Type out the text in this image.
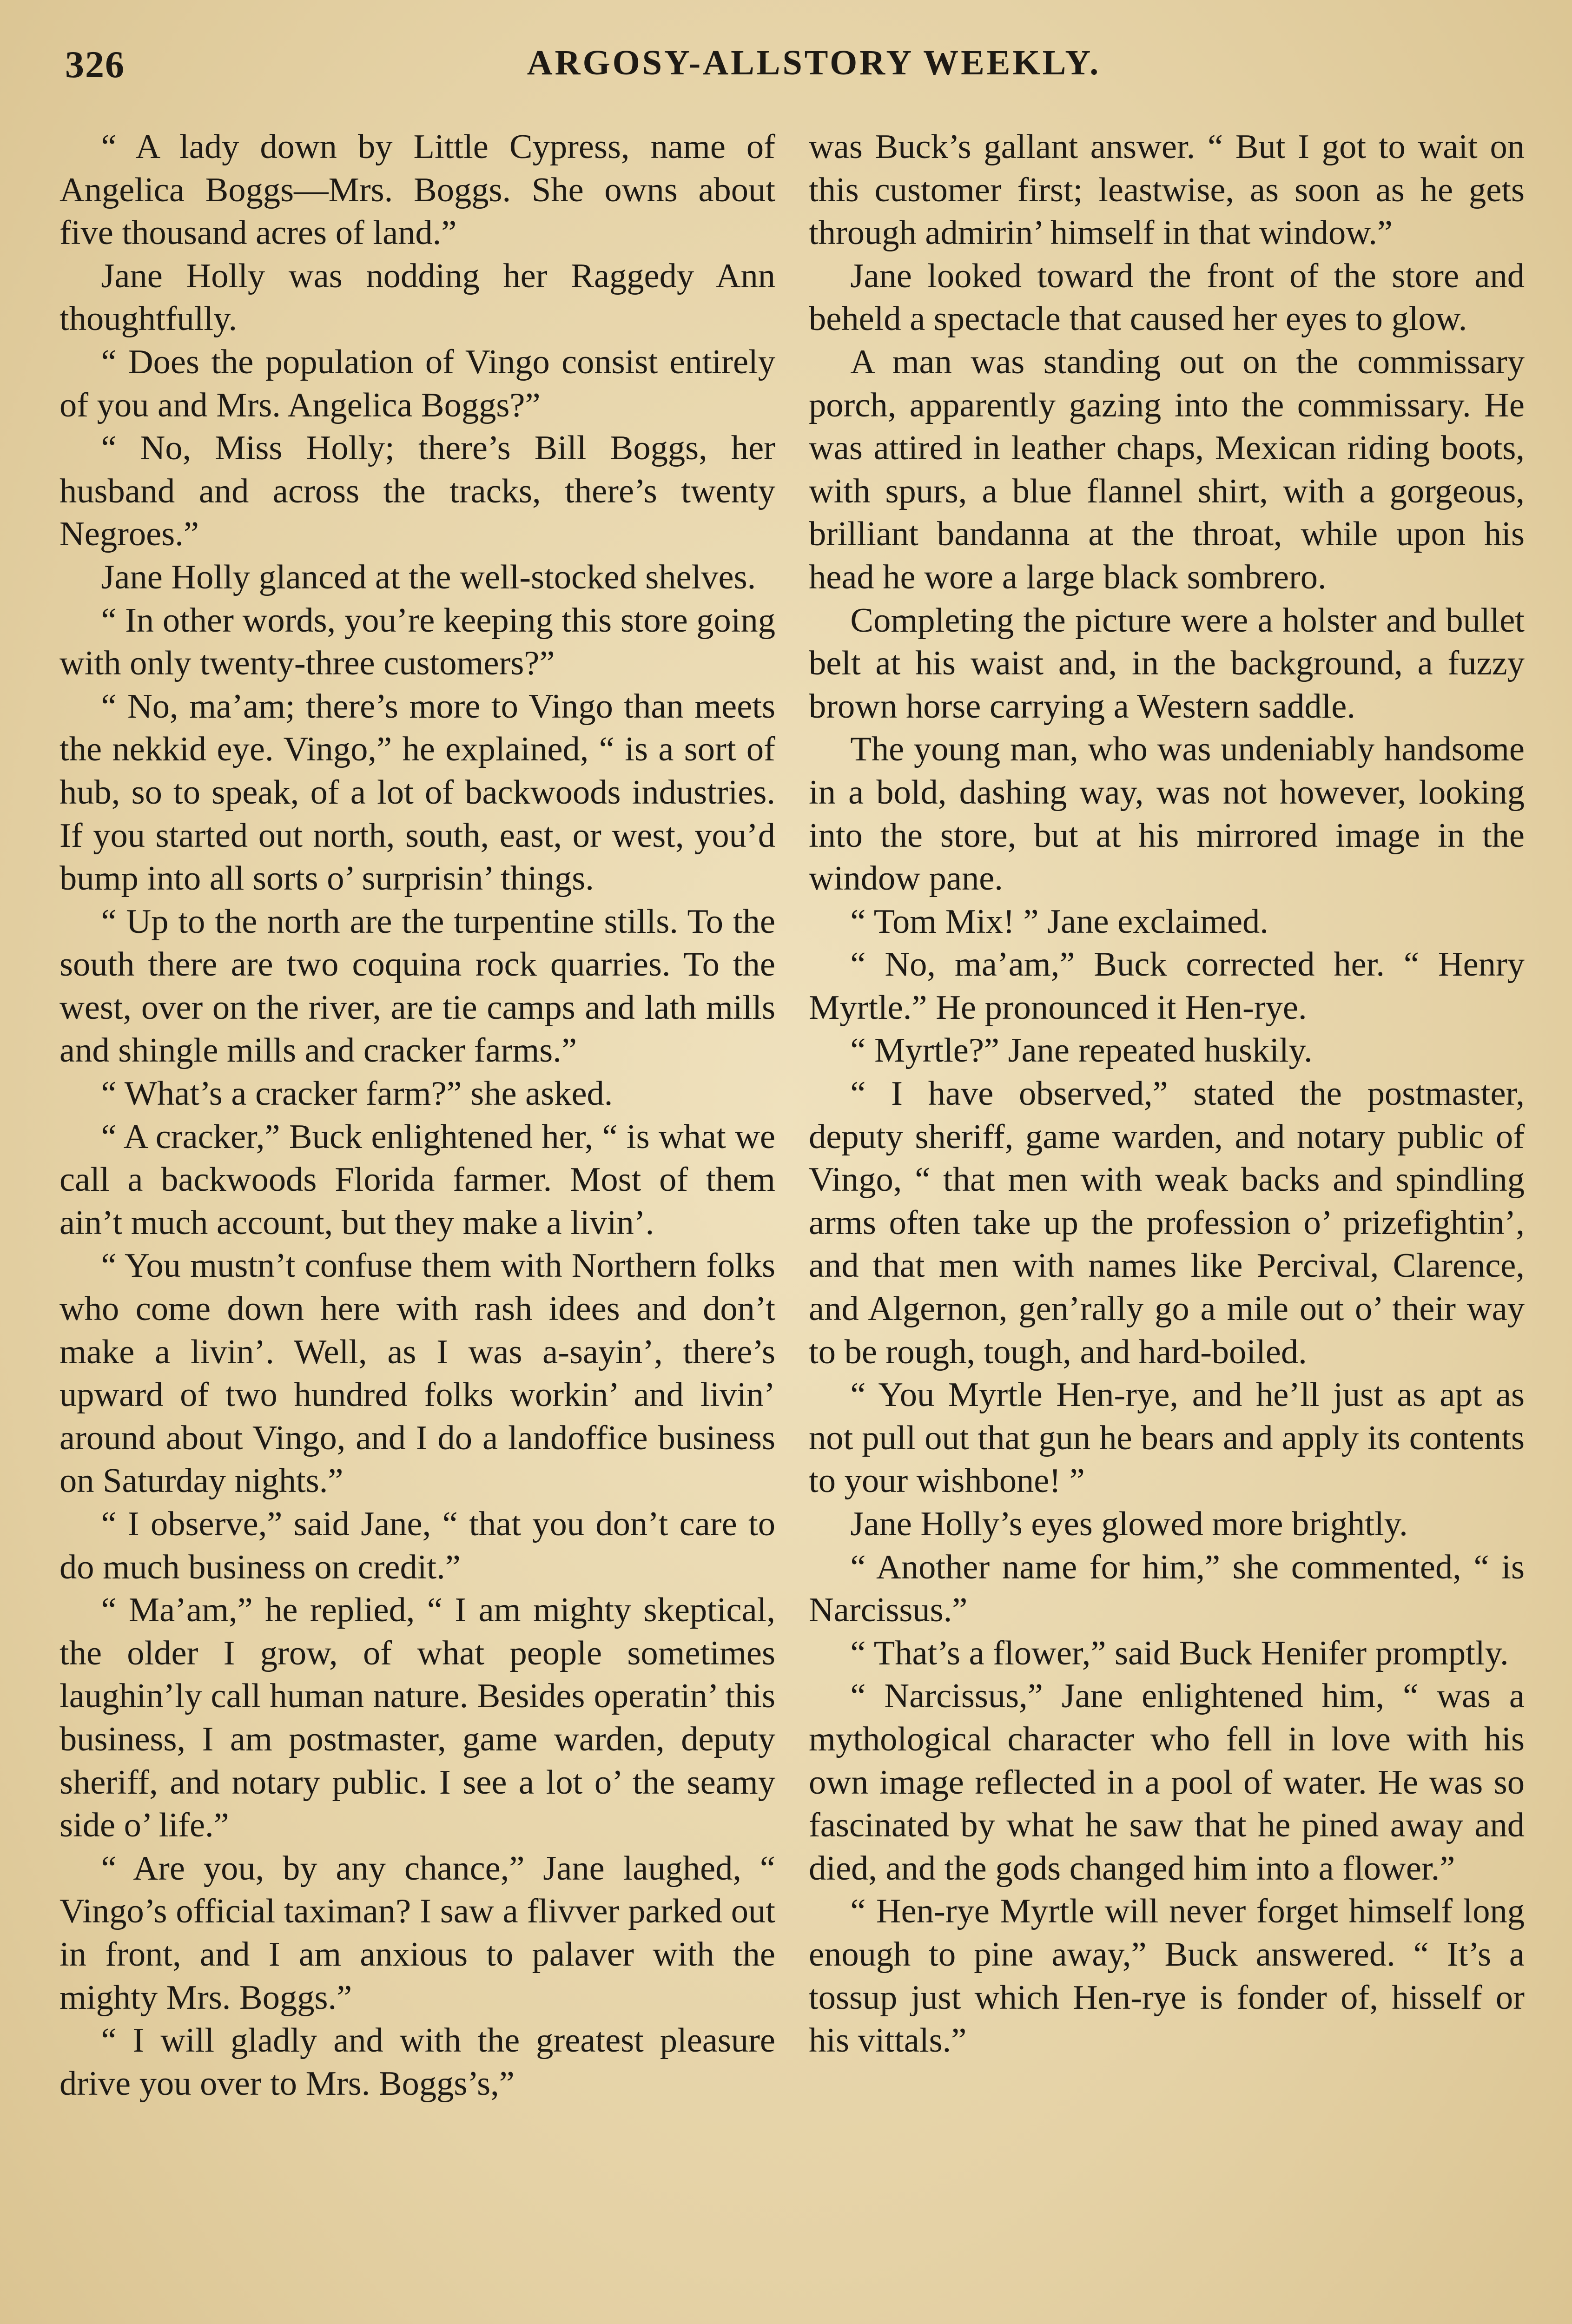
326	ARGOSY-ALLSTORY WEEKLY.

“ A lady down by Little Cypress, name of Angelica Boggs—Mrs. Boggs. She owns about five thousand acres of land.”

Jane Holly was nodding her Raggedy Ann thoughtfully.

“ Does the population of Vingo consist entirely of you and Mrs. Angelica Boggs?”

“ No, Miss Holly; there’s Bill Boggs, her husband and across the tracks, there’s twenty Negroes.”

Jane Holly glanced at the well-stocked shelves.

“ In other words, you’re keeping this store going with only twenty-three customers?”

“ No, ma’am; there’s more to Vingo than meets the nekkid eye. Vingo,” he explained, “ is a sort of hub, so to speak, of a lot of backwoods industries. If you started out north, south, east, or west, you’d bump into all sorts o’ surprisin’ things.

“ Up to the north are the turpentine stills. To the south there are two coquina rock quarries. To the west, over on the river, are tie camps and lath mills and shingle mills and cracker farms.”

“ What’s a cracker farm?” she asked.

“ A cracker,” Buck enlightened her, “ is what we call a backwoods Florida farmer. Most of them ain’t much account, but they make a livin’.

“ You mustn’t confuse them with Northern folks who come down here with rash idees and don’t make a livin’. Well, as I was a-sayin’, there’s upward of two hundred folks workin’ and livin’ around about Vingo, and I do a landoffice business on Saturday nights.”

“ I observe,” said Jane, “ that you don’t care to do much business on credit.”

“ Ma’am,” he replied, “ I am mighty skeptical, the older I grow, of what people sometimes laughin’ly call human nature. Besides operatin’ this business, I am postmaster, game warden, deputy sheriff, and notary public. I see a lot o’ the seamy side o’ life.”

“ Are you, by any chance,” Jane laughed, “ Vingo’s official taximan? I saw a flivver parked out in front, and I am anxious to palaver with the mighty Mrs. Boggs.”

“ I will gladly and with the greatest pleasure drive you over to Mrs. Boggs’s,”

was Buck’s gallant answer. “ But I got to wait on this customer first; leastwise, as soon as he gets through admirin’ himself in that window.”

Jane looked toward the front of the store and beheld a spectacle that caused her eyes to glow.

A man was standing out on the commissary porch, apparently gazing into the commissary. He was attired in leather chaps, Mexican riding boots, with spurs, a blue flannel shirt, with a gorgeous, brilliant bandanna at the throat, while upon his head he wore a large black sombrero.

Completing the picture were a holster and bullet belt at his waist and, in the background, a fuzzy brown horse carrying a Western saddle.

The young man, who was undeniably handsome in a bold, dashing way, was not however, looking into the store, but at his mirrored image in the window pane.

“ Tom Mix! ” Jane exclaimed.

“ No, ma’am,” Buck corrected her. “ Henry Myrtle.” He pronounced it Hen-rye.

“ Myrtle?” Jane repeated huskily.

“ I have observed,” stated the postmaster, deputy sheriff, game warden, and notary public of Vingo, “ that men with weak backs and spindling arms often take up the profession o’ prizefightin’, and that men with names like Percival, Clarence, and Algernon, gen’rally go a mile out o’ their way to be rough, tough, and hard-boiled.

“ You Myrtle Hen-rye, and he’ll just as apt as not pull out that gun he bears and apply its contents to your wishbone! ”

Jane Holly’s eyes glowed more brightly.

“ Another name for him,” she commented, “ is Narcissus.”

“ That’s a flower,” said Buck Henifer promptly.

“ Narcissus,” Jane enlightened him, “ was a mythological character who fell in love with his own image reflected in a pool of water. He was so fascinated by what he saw that he pined away and died, and the gods changed him into a flower.”

“ Hen-rye Myrtle will never forget himself long enough to pine away,” Buck answered. “ It’s a tossup just which Hen-rye is fonder of, hisself or his vittals.”
